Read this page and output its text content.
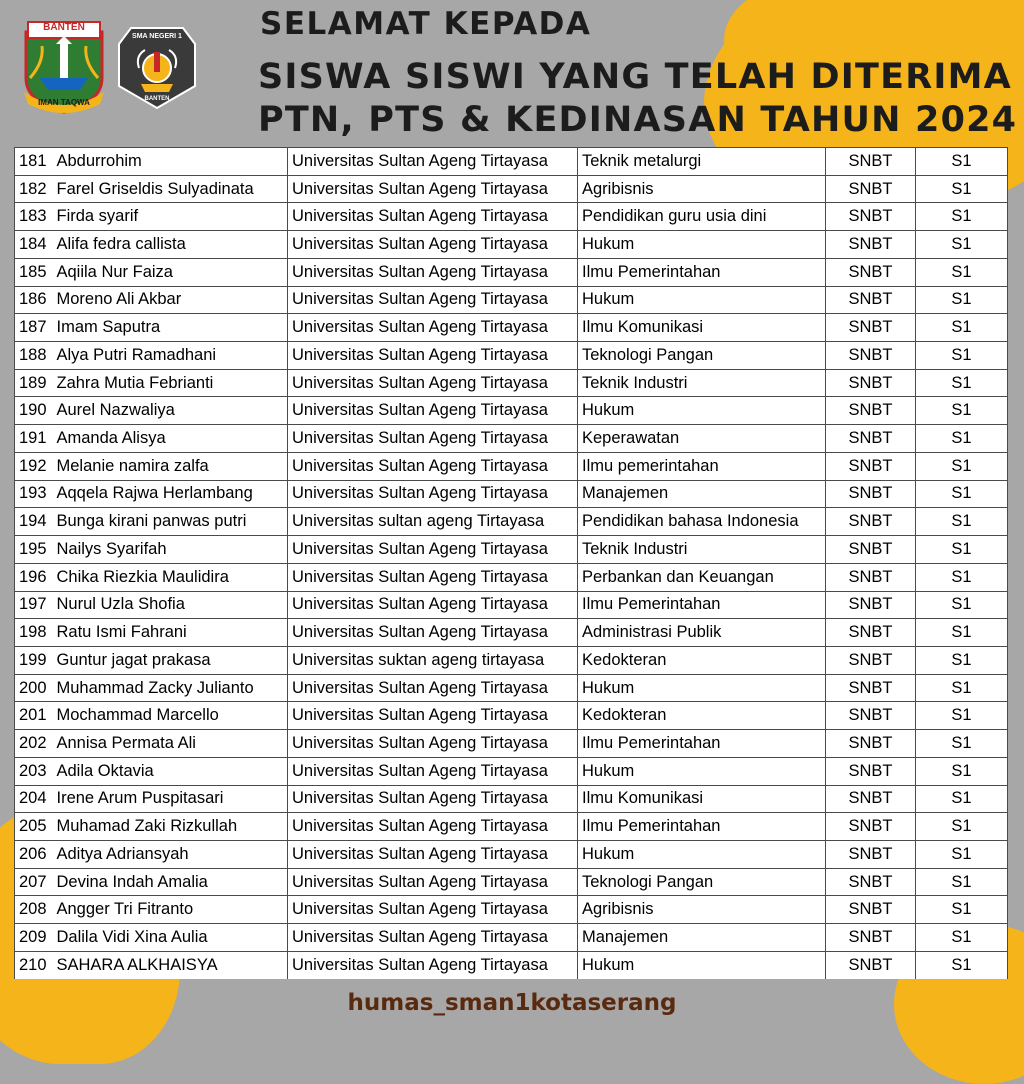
BANTEN
IMAN TAQWA
SMA NEGERI 1
BANTEN
SELAMAT KEPADA
SISWA SISWI YANG TELAH DITERIMA
PTN, PTS & KEDINASAN TAHUN 2024
181	Abdurrohim	Universitas Sultan Ageng Tirtayasa	Teknik metalurgi	SNBT	S1
182	Farel Griseldis Sulyadinata	Universitas Sultan Ageng Tirtayasa	Agribisnis	SNBT	S1
183	Firda syarif	Universitas Sultan Ageng Tirtayasa	Pendidikan guru usia dini	SNBT	S1
184	Alifa fedra callista	Universitas Sultan Ageng Tirtayasa	Hukum	SNBT	S1
185	Aqiila Nur Faiza	Universitas Sultan Ageng Tirtayasa	Ilmu Pemerintahan	SNBT	S1
186	Moreno Ali Akbar	Universitas Sultan Ageng Tirtayasa	Hukum	SNBT	S1
187	Imam Saputra	Universitas Sultan Ageng Tirtayasa	Ilmu Komunikasi	SNBT	S1
188	Alya Putri Ramadhani	Universitas Sultan Ageng Tirtayasa	Teknologi Pangan	SNBT	S1
189	Zahra Mutia Febrianti	Universitas Sultan Ageng Tirtayasa	Teknik Industri	SNBT	S1
190	Aurel Nazwaliya	Universitas Sultan Ageng Tirtayasa	Hukum	SNBT	S1
191	Amanda Alisya	Universitas Sultan Ageng Tirtayasa	Keperawatan	SNBT	S1
192	Melanie namira zalfa	Universitas Sultan Ageng Tirtayasa	Ilmu pemerintahan	SNBT	S1
193	Aqqela Rajwa Herlambang	Universitas Sultan Ageng Tirtayasa	Manajemen	SNBT	S1
194	Bunga kirani panwas putri	Universitas sultan ageng Tirtayasa	Pendidikan bahasa Indonesia	SNBT	S1
195	Nailys Syarifah	Universitas Sultan Ageng Tirtayasa	Teknik Industri	SNBT	S1
196	Chika Riezkia Maulidira	Universitas Sultan Ageng Tirtayasa	Perbankan dan Keuangan	SNBT	S1
197	Nurul Uzla Shofia	Universitas Sultan Ageng Tirtayasa	Ilmu Pemerintahan	SNBT	S1
198	Ratu Ismi Fahrani	Universitas Sultan Ageng Tirtayasa	Administrasi Publik	SNBT	S1
199	Guntur jagat prakasa	Universitas suktan ageng tirtayasa	Kedokteran	SNBT	S1
200	Muhammad Zacky Julianto	Universitas Sultan Ageng Tirtayasa	Hukum	SNBT	S1
201	Mochammad Marcello	Universitas Sultan Ageng Tirtayasa	Kedokteran	SNBT	S1
202	Annisa Permata Ali	Universitas Sultan Ageng Tirtayasa	Ilmu Pemerintahan	SNBT	S1
203	Adila Oktavia	Universitas Sultan Ageng Tirtayasa	Hukum	SNBT	S1
204	Irene Arum Puspitasari	Universitas Sultan Ageng Tirtayasa	Ilmu Komunikasi	SNBT	S1
205	Muhamad Zaki Rizkullah	Universitas Sultan Ageng Tirtayasa	Ilmu Pemerintahan	SNBT	S1
206	Aditya Adriansyah	Universitas Sultan Ageng Tirtayasa	Hukum	SNBT	S1
207	Devina Indah Amalia	Universitas Sultan Ageng Tirtayasa	Teknologi Pangan	SNBT	S1
208	Angger Tri Fitranto	Universitas Sultan Ageng Tirtayasa	Agribisnis	SNBT	S1
209	Dalila Vidi Xina Aulia	Universitas Sultan Ageng Tirtayasa	Manajemen	SNBT	S1
210	SAHARA ALKHAISYA	Universitas Sultan Ageng Tirtayasa	Hukum	SNBT	S1
humas_sman1kotaserang
